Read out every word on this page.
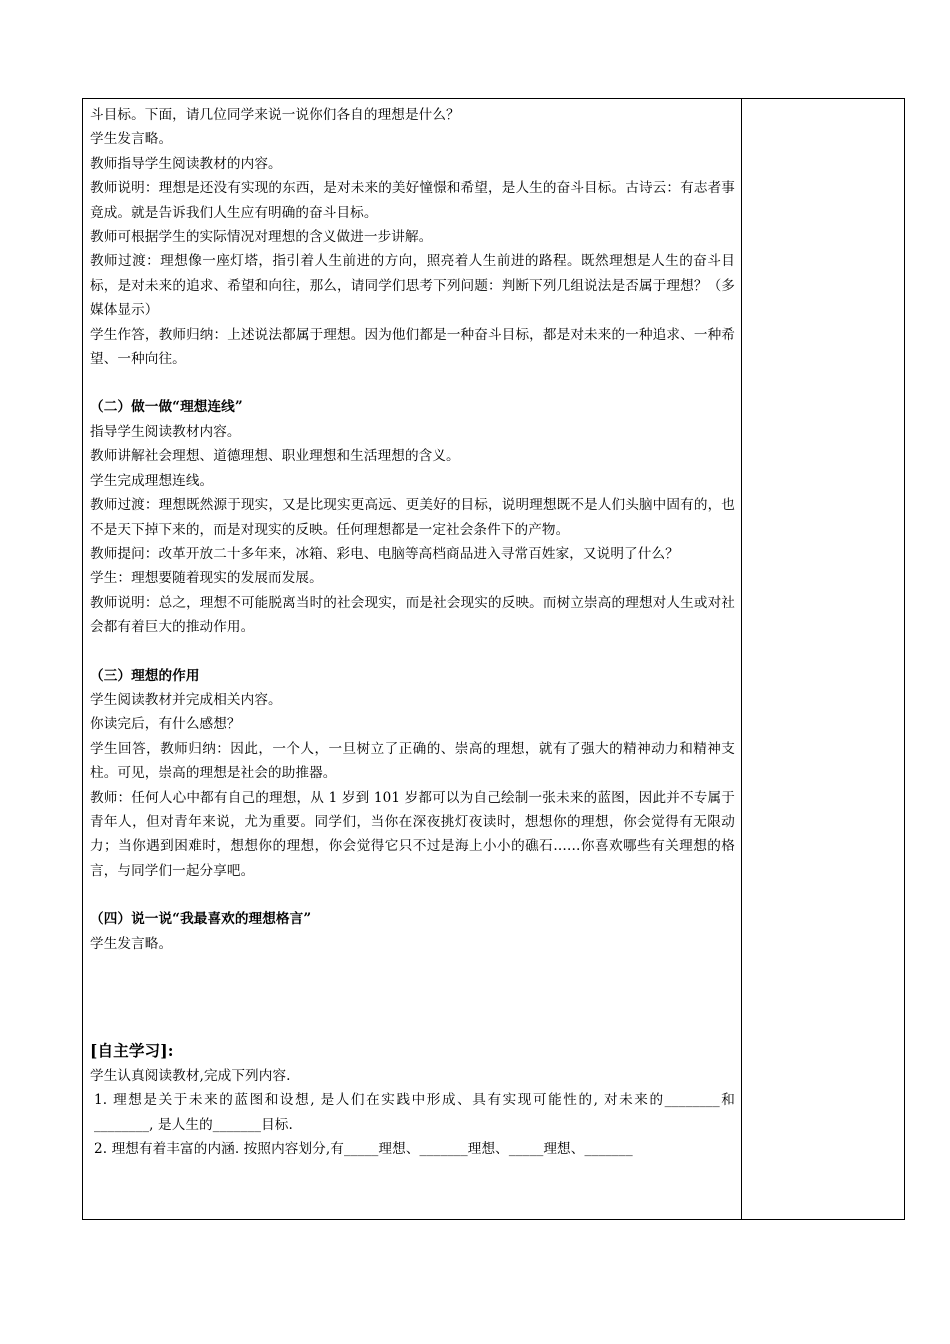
斗目标。下面，请几位同学来说一说你们各自的理想是什么？

学生发言略。

教师指导学生阅读教材的内容。

教师说明：理想是还没有实现的东西，是对未来的美好憧憬和希望，是人生的奋斗目标。古诗云：有志者事竟成。就是告诉我们人生应有明确的奋斗目标。

教师可根据学生的实际情况对理想的含义做进一步讲解。

教师过渡：理想像一座灯塔，指引着人生前进的方向，照亮着人生前进的路程。既然理想是人生的奋斗目标，是对未来的追求、希望和向往，那么，请同学们思考下列问题：判断下列几组说法是否属于理想？（多媒体显示）

学生作答，教师归纳：上述说法都属于理想。因为他们都是一种奋斗目标，都是对未来的一种追求、一种希望、一种向往。

（二）做一做“理想连线”

指导学生阅读教材内容。

教师讲解社会理想、道德理想、职业理想和生活理想的含义。

学生完成理想连线。

教师过渡：理想既然源于现实，又是比现实更高远、更美好的目标，说明理想既不是人们头脑中固有的，也不是天下掉下来的，而是对现实的反映。任何理想都是一定社会条件下的产物。

教师提问：改革开放二十多年来，冰箱、彩电、电脑等高档商品进入寻常百姓家，又说明了什么？

学生：理想要随着现实的发展而发展。

教师说明：总之，理想不可能脱离当时的社会现实，而是社会现实的反映。而树立崇高的理想对人生或对社会都有着巨大的推动作用。

（三）理想的作用

学生阅读教材并完成相关内容。

你读完后，有什么感想？

学生回答，教师归纳：因此，一个人，一旦树立了正确的、崇高的理想，就有了强大的精神动力和精神支柱。可见，崇高的理想是社会的助推器。

教师：任何人心中都有自己的理想，从 1 岁到 101 岁都可以为自己绘制一张未来的蓝图，因此并不专属于青年人，但对青年来说，尤为重要。同学们，当你在深夜挑灯夜读时，想想你的理想，你会觉得有无限动力；当你遇到困难时，想想你的理想，你会觉得它只不过是海上小小的礁石……你喜欢哪些有关理想的格言，与同学们一起分享吧。

（四）说一说“我最喜欢的理想格言”

学生发言略。

[自主学习]:

学生认真阅读教材,完成下列内容.

1. 理想是关于未来的蓝图和设想, 是人们在实践中形成、具有实现可能性的, 对未来的________和________, 是人生的_______目标.

2. 理想有着丰富的内涵. 按照内容划分,有_____理想、_______理想、_____理想、_______
